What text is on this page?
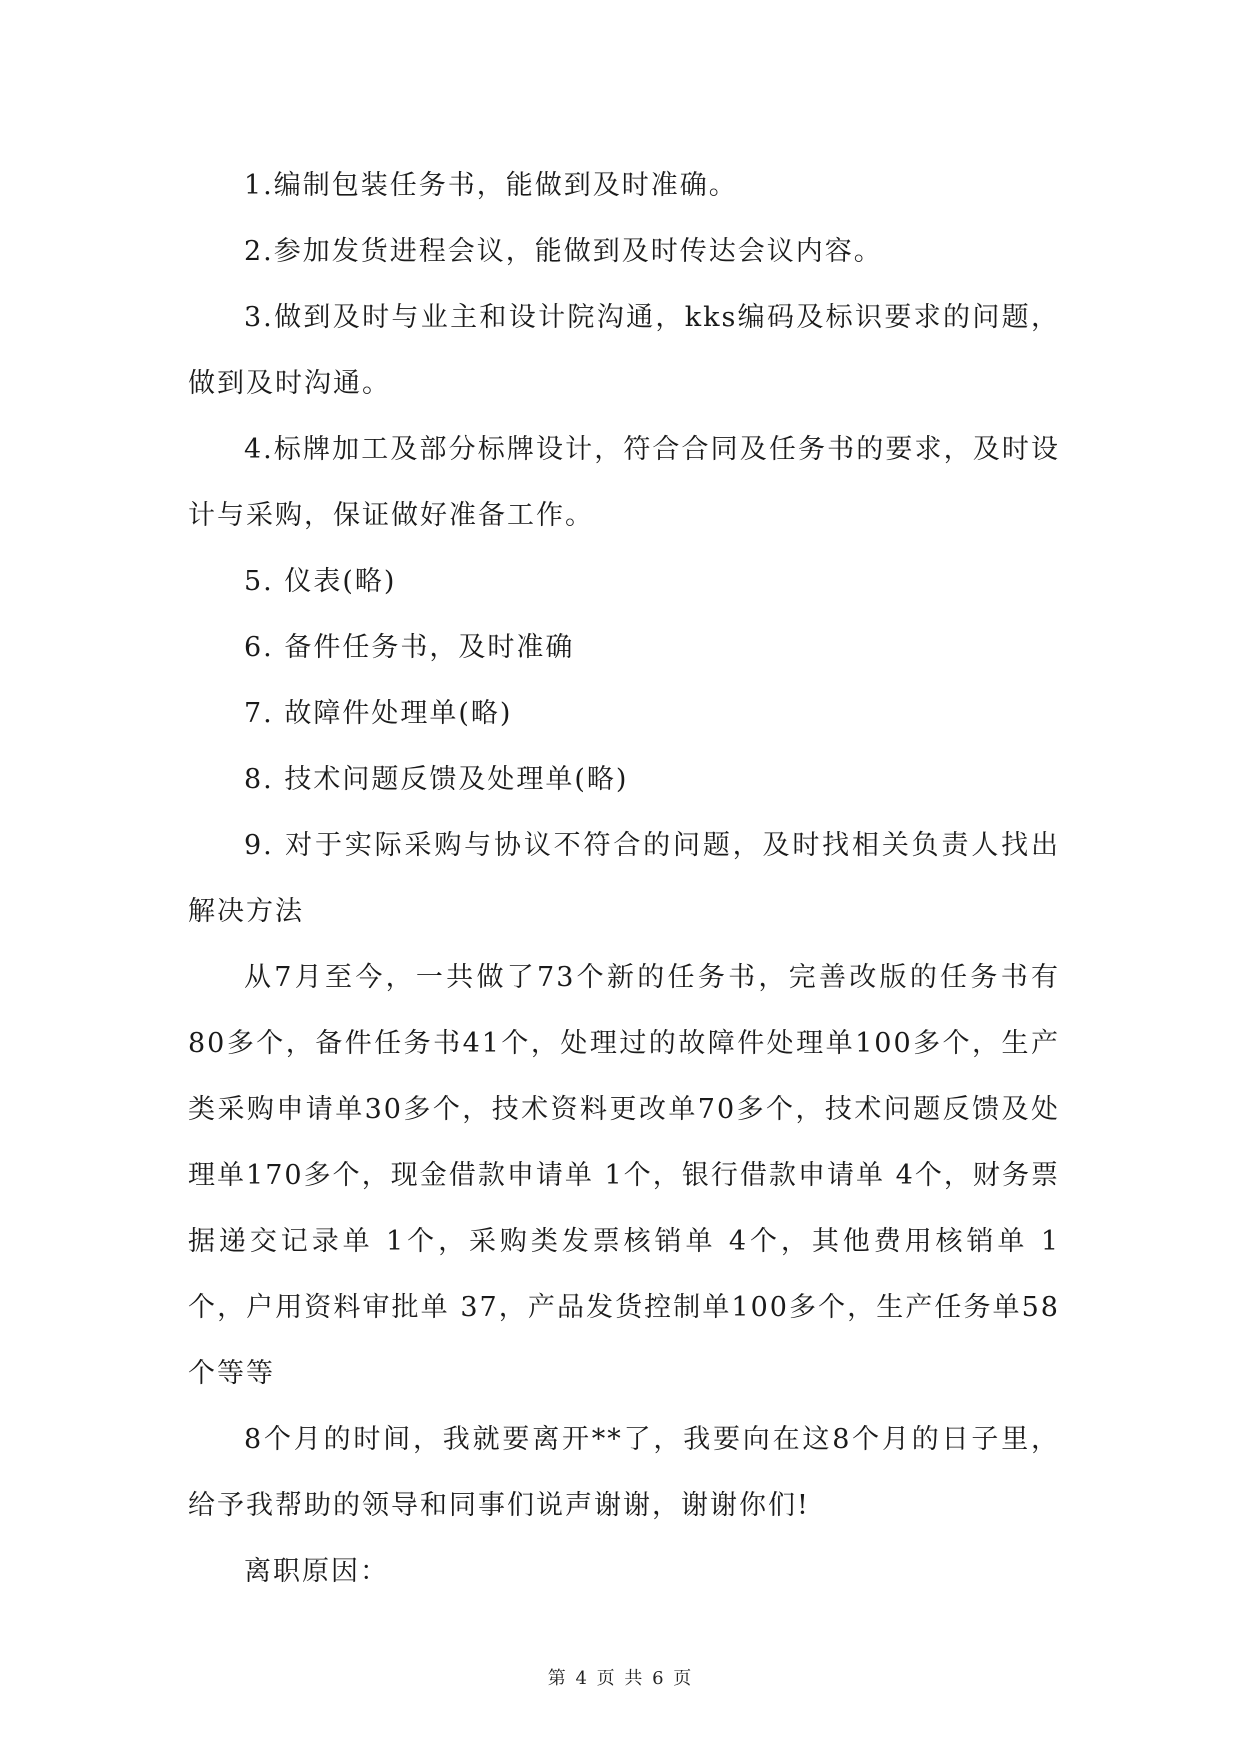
1.编制包装任务书，能做到及时准确。

2.参加发货进程会议，能做到及时传达会议内容。

3.做到及时与业主和设计院沟通，kks编码及标识要求的问题，做到及时沟通。

4.标牌加工及部分标牌设计，符合合同及任务书的要求，及时设计与采购，保证做好准备工作。

5. 仪表(略)

6. 备件任务书，及时准确

7. 故障件处理单(略)

8. 技术问题反馈及处理单(略)

9. 对于实际采购与协议不符合的问题，及时找相关负责人找出解决方法

从7月至今，一共做了73个新的任务书，完善改版的任务书有80多个，备件任务书41个，处理过的故障件处理单100多个，生产类采购申请单30多个，技术资料更改单70多个，技术问题反馈及处理单170多个，现金借款申请单 1个，银行借款申请单 4个，财务票据递交记录单 1个，采购类发票核销单 4个，其他费用核销单 1个，户用资料审批单 37，产品发货控制单100多个，生产任务单58个等等

8个月的时间，我就要离开**了，我要向在这8个月的日子里，给予我帮助的领导和同事们说声谢谢，谢谢你们!

离职原因：

第 4 页 共 6 页
